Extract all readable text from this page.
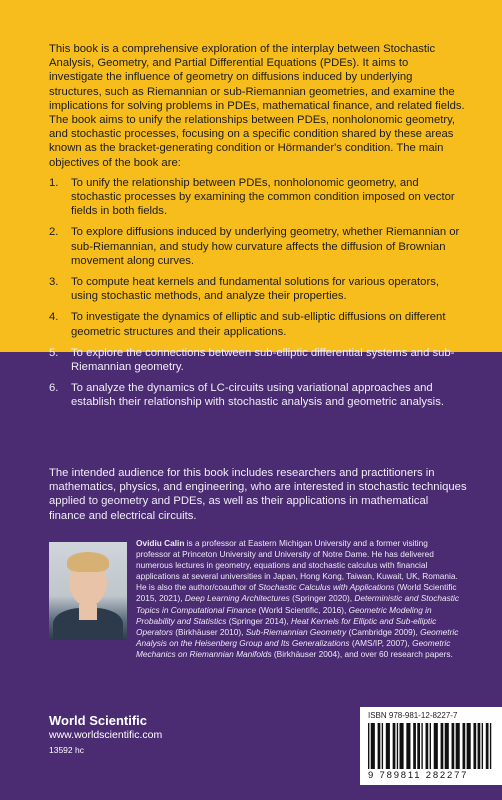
This book is a comprehensive exploration of the interplay between Stochastic Analysis, Geometry, and Partial Differential Equations (PDEs). It aims to investigate the influence of geometry on diffusions induced by underlying structures, such as Riemannian or sub-Riemannian geometries, and examine the implications for solving problems in PDEs, mathematical finance, and related fields. The book aims to unify the relationships between PDEs, nonholonomic geometry, and stochastic processes, focusing on a specific condition shared by these areas known as the bracket-generating condition or Hörmander's condition. The main objectives of the book are:

1. To unify the relationship between PDEs, nonholonomic geometry, and stochastic processes by examining the common condition imposed on vector fields in both fields.
2. To explore diffusions induced by underlying geometry, whether Riemannian or sub-Riemannian, and study how curvature affects the diffusion of Brownian movement along curves.
3. To compute heat kernels and fundamental solutions for various operators, using stochastic methods, and analyze their properties.
4. To investigate the dynamics of elliptic and sub-elliptic diffusions on different geometric structures and their applications.
5. To explore the connections between sub-elliptic differential systems and sub-Riemannian geometry.
6. To analyze the dynamics of LC-circuits using variational approaches and establish their relationship with stochastic analysis and geometric analysis.

The intended audience for this book includes researchers and practitioners in mathematics, physics, and engineering, who are interested in stochastic techniques applied to geometry and PDEs, as well as their applications in mathematical finance and electrical circuits.

Ovidiu Calin is a professor at Eastern Michigan University and a former visiting professor at Princeton University and University of Notre Dame. He has delivered numerous lectures in geometry, equations and stochastic calculus with financial applications at several universities in Japan, Hong Kong, Taiwan, Kuwait, UK, Romania. He is also the author/coauthor of Stochastic Calculus with Applications (World Scientific 2015, 2021), Deep Learning Architectures (Springer 2020), Deterministic and Stochastic Topics in Computational Finance (World Scientific, 2016), Geometric Modeling in Probability and Statistics (Springer 2014), Heat Kernels for Elliptic and Sub-elliptic Operators (Birkhäuser 2010), Sub-Riemannian Geometry (Cambridge 2009), Geometric Analysis on the Heisenberg Group and Its Generalizations (AMS/IP, 2007), Geometric Mechanics on Riemannian Manifolds (Birkhäuser 2004), and over 60 research papers.

World Scientific
www.worldscientific.com
13592 hc
ISBN 978-981-12-8227-7
9 789811 282277
